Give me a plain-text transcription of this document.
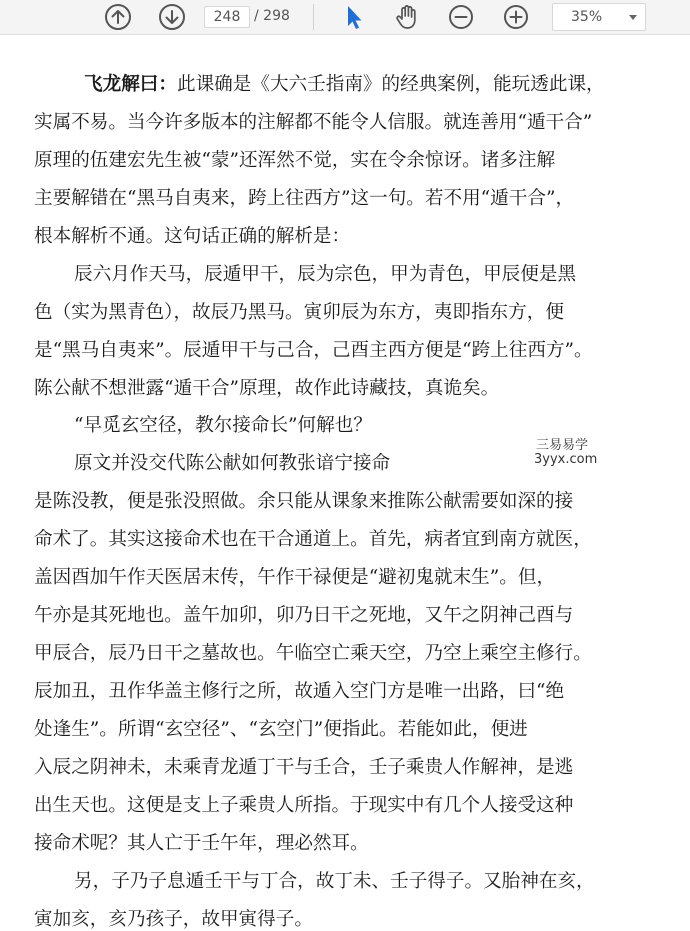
248 / 298	35%
飞龙解曰：此课确是《大六壬指南》的经典案例，能玩透此课，
实属不易。当今许多版本的注解都不能令人信服。就连善用“遁干合”
原理的伍建宏先生被“蒙”还浑然不觉，实在令余惊讶。诸多注解
主要解错在“黑马自夷来，跨上往西方”这一句。若不用“遁干合”，
根本解析不通。这句话正确的解析是：
辰六月作天马，辰遁甲干，辰为宗色，甲为青色，甲辰便是黑
色（实为黑青色），故辰乃黑马。寅卯辰为东方，夷即指东方，便
是“黑马自夷来”。辰遁甲干与己合，己酉主西方便是“跨上往西方”。
陈公献不想泄露“遁干合”原理，故作此诗藏技，真诡矣。
“早觅玄空径，教尔接命长”何解也？
原文并没交代陈公献如何教张谙宁接命
是陈没教，便是张没照做。余只能从课象来推陈公献需要如深的接
命术了。其实这接命术也在干合通道上。首先，病者宜到南方就医，
盖因酉加午作天医居末传，午作干禄便是“避初鬼就末生”。但，
午亦是其死地也。盖午加卯，卯乃日干之死地，又午之阴神己酉与
甲辰合，辰乃日干之墓故也。午临空亡乘天空，乃空上乘空主修行。
辰加丑，丑作华盖主修行之所，故遁入空门方是唯一出路，曰“绝
处逢生”。所谓“玄空径”、“玄空门”便指此。若能如此，便进
入辰之阴神未，未乘青龙遁丁干与壬合，壬子乘贵人作解神，是逃
出生天也。这便是支上子乘贵人所指。于现实中有几个人接受这种
接命术呢？其人亡于壬午年，理必然耳。
另，子乃子息遁壬干与丁合，故丁未、壬子得子。又胎神在亥，
寅加亥，亥乃孩子，故甲寅得子。
三易易学
3yyx.com
